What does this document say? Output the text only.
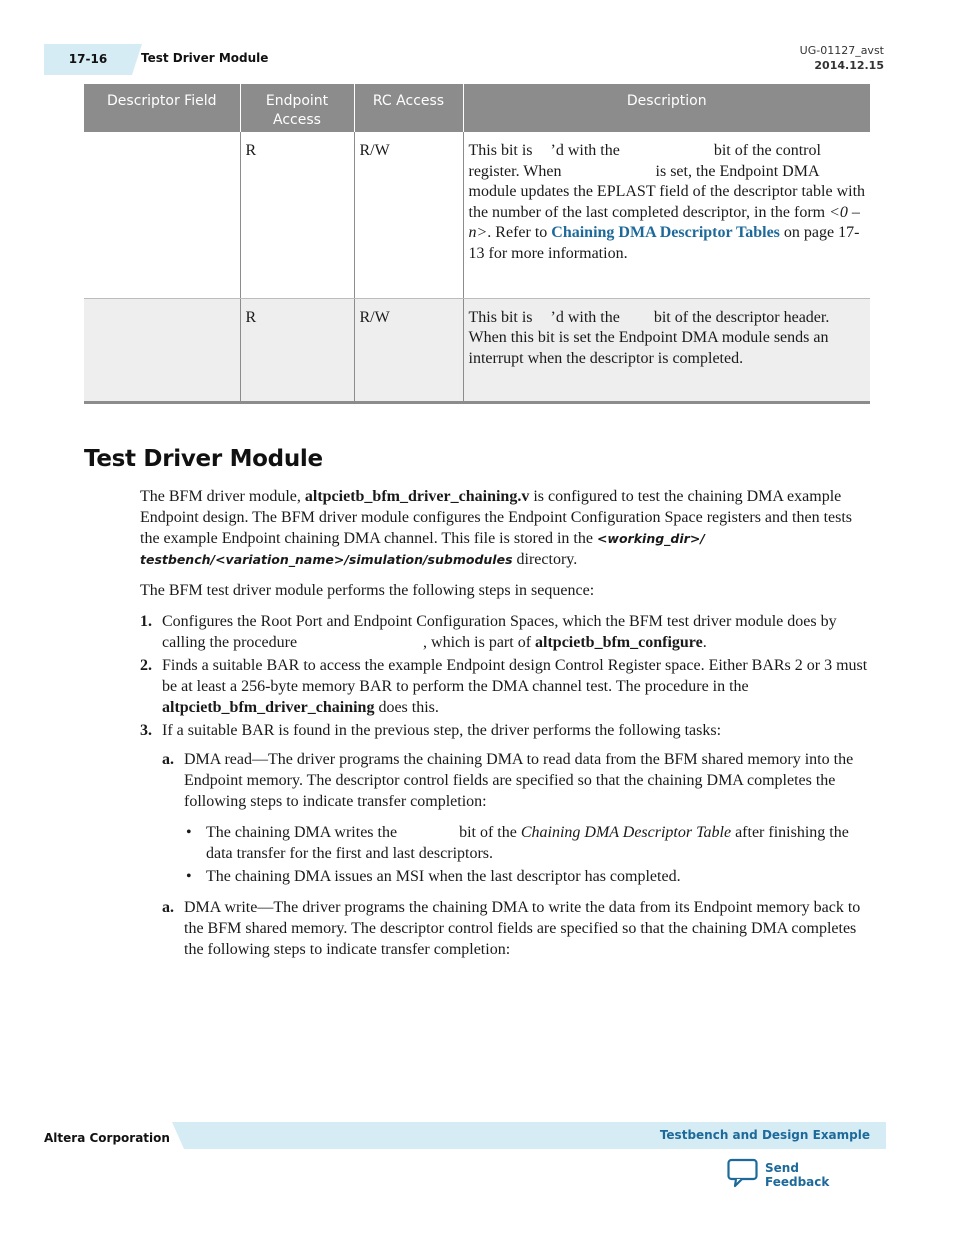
17-16	Test Driver Module
UG-01127_avst
2014.12.15
Descriptor Field	Endpoint Access	RC Access	Description
	R	R/W	This bit is ’d with the bit of the control register. When is set, the Endpoint DMA module updates the EPLAST field of the descriptor table with the number of the last completed descriptor, in the form <0 – n>. Refer to Chaining DMA Descriptor Tables on page 17-13 for more information.
	R	R/W	This bit is ’d with the  bit of the descriptor header. When this bit is set the Endpoint DMA module sends an interrupt when the descriptor is completed.
Test Driver Module

The BFM driver module, altpcietb_bfm_driver_chaining.v is configured to test the chaining DMA example Endpoint design. The BFM driver module configures the Endpoint Configuration Space registers and then tests the example Endpoint chaining DMA channel. This file is stored in the <working_dir>/ testbench/<variation_name>/simulation/submodules directory.

The BFM test driver module performs the following steps in sequence:

1. Configures the Root Port and Endpoint Configuration Spaces, which the BFM test driver module does by calling the procedure	, which is part of altpcietb_bfm_configure.
2. Finds a suitable BAR to access the example Endpoint design Control Register space. Either BARs 2 or 3 must be at least a 256-byte memory BAR to perform the DMA channel test. The procedure in the altpcietb_bfm_driver_chaining does this.
3. If a suitable BAR is found in the previous step, the driver performs the following tasks:
a. DMA read—The driver programs the chaining DMA to read data from the BFM shared memory into the Endpoint memory. The descriptor control fields are specified so that the chaining DMA completes the following steps to indicate transfer completion:
• The chaining DMA writes the	bit of the Chaining DMA Descriptor Table after finishing the data transfer for the first and last descriptors.
• The chaining DMA issues an MSI when the last descriptor has completed.
a. DMA write—The driver programs the chaining DMA to write the data from its Endpoint memory back to the BFM shared memory. The descriptor control fields are specified so that the chaining DMA completes the following steps to indicate transfer completion:
Altera Corporation	Testbench and Design Example
Send Feedback
